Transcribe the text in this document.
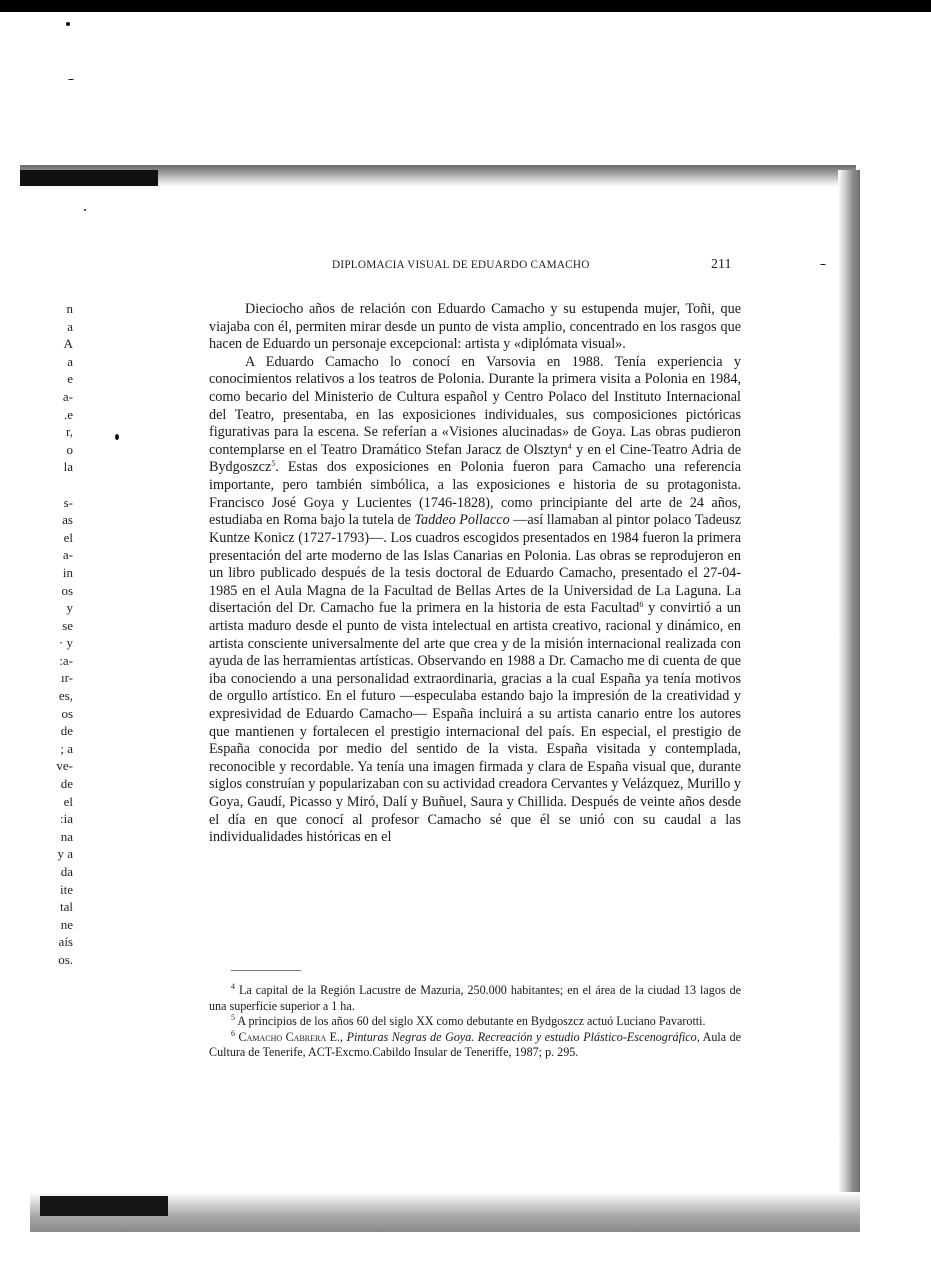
n
a
A
a
e
a-
.e
r,
o
la

s-
as
el
a-
in
os
y
se
· y
:a-
ır-
es,
os
de
; a
ve-
de
el
:ia
na
y a
da
ite
tal
ne
aís
os.
DIPLOMACIA VISUAL DE EDUARDO CAMACHO	211

Dieciocho años de relación con Eduardo Camacho y su estupenda mujer, Toñi, que viajaba con él, permiten mirar desde un punto de vista amplio, concentrado en los rasgos que hacen de Eduardo un personaje excepcional: artista y «diplómata visual».

A Eduardo Camacho lo conocí en Varsovia en 1988. Tenía experiencia y conocimientos relativos a los teatros de Polonia. Durante la primera visita a Polonia en 1984, como becario del Ministerio de Cultura español y Centro Polaco del Instituto Internacional del Teatro, presentaba, en las exposiciones individuales, sus composiciones pictóricas figurativas para la escena. Se referían a «Visiones alucinadas» de Goya. Las obras pudieron contemplarse en el Teatro Dramático Stefan Jaracz de Olsztyn$^4$ y en el Cine-Teatro Adria de Bydgoszcz$^5$. Estas dos exposiciones en Polonia fueron para Camacho una referencia importante, pero también simbólica, a las exposiciones e historia de su protagonista. Francisco José Goya y Lucientes (1746-1828), como principiante del arte de 24 años, estudiaba en Roma bajo la tutela de Taddeo Pollacco —así llamaban al pintor polaco Tadeusz Kuntze Konicz (1727-1793)—. Los cuadros escogidos presentados en 1984 fueron la primera presentación del arte moderno de las Islas Canarias en Polonia. Las obras se reprodujeron en un libro publicado después de la tesis doctoral de Eduardo Camacho, presentado el 27-04-1985 en el Aula Magna de la Facultad de Bellas Artes de la Universidad de La Laguna. La disertación del Dr. Camacho fue la primera en la historia de esta Facultad$^6$ y convirtió a un artista maduro desde el punto de vista intelectual en artista creativo, racional y dinámico, en artista consciente universalmente del arte que crea y de la misión internacional realizada con ayuda de las herramientas artísticas. Observando en 1988 a Dr. Camacho me di cuenta de que iba conociendo a una personalidad extraordinaria, gracias a la cual España ya tenía motivos de orgullo artístico. En el futuro —especulaba estando bajo la impresión de la creatividad y expresividad de Eduardo Camacho— España incluirá a su artista canario entre los autores que mantienen y fortalecen el prestigio internacional del país. En especial, el prestigio de España conocida por medio del sentido de la vista. España visitada y contemplada, reconocible y recordable. Ya tenía una imagen firmada y clara de España visual que, durante siglos construían y popularizaban con su actividad creadora Cervantes y Velázquez, Murillo y Goya, Gaudí, Picasso y Miró, Dalí y Buñuel, Saura y Chillida. Después de veinte años desde el día en que conocí al profesor Camacho sé que él se unió con su caudal a las individualidades históricas en el

$^4$ La capital de la Región Lacustre de Mazuria, 250.000 habitantes; en el área de la ciudad 13 lagos de una superficie superior a 1 ha.

$^5$ A principios de los años 60 del siglo XX como debutante en Bydgoszcz actuó Luciano Pavarotti.

$^6$ Camacho Cabrera E., Pinturas Negras de Goya. Recreación y estudio Plástico-Escenográfico, Aula de Cultura de Tenerife, ACT-Excmo.Cabildo Insular de Teneriffe, 1987; p. 295.
